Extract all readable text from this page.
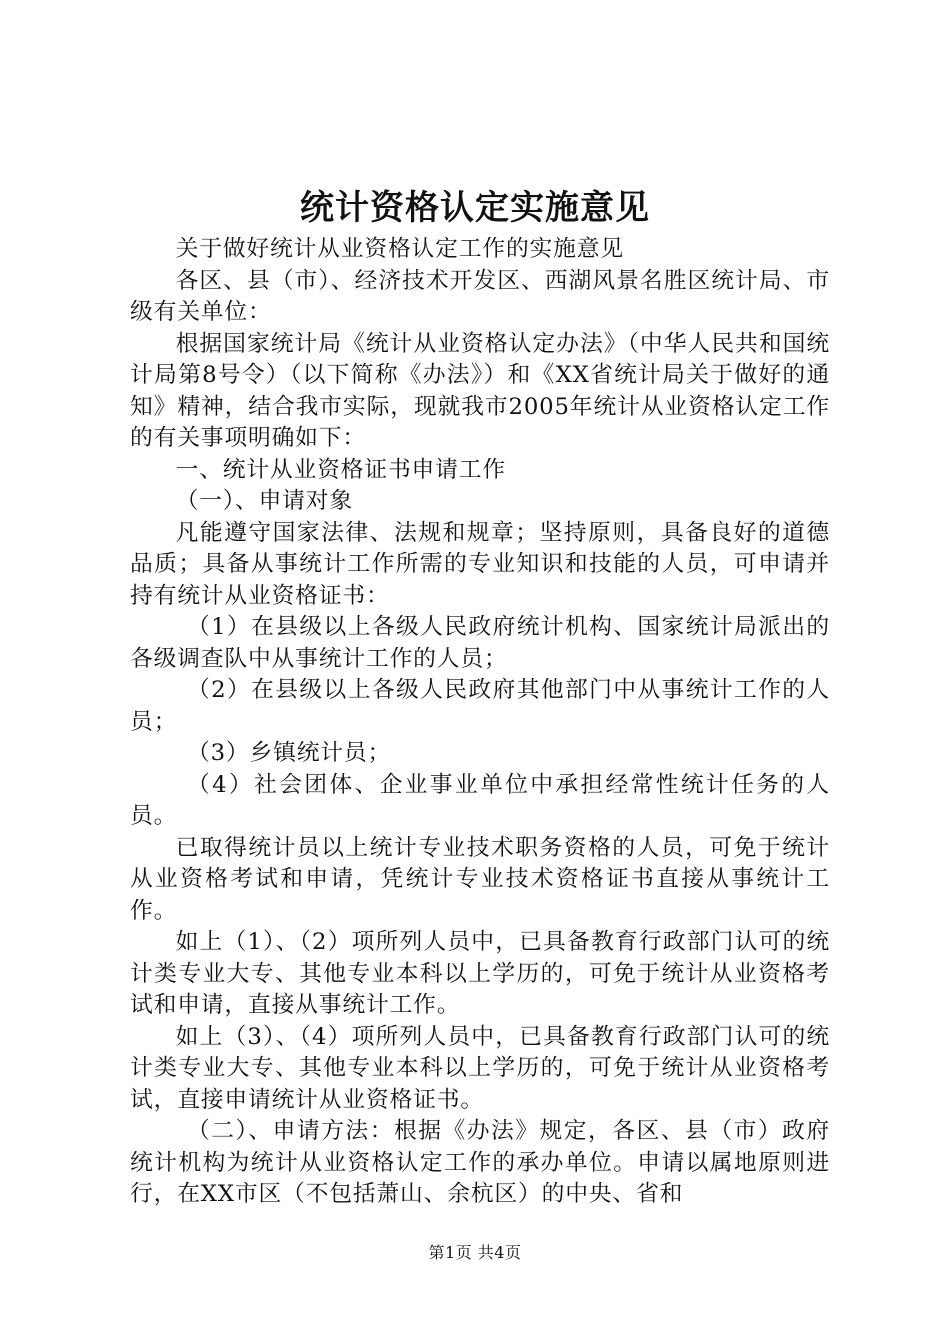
统计资格认定实施意见

关于做好统计从业资格认定工作的实施意见

各区、县（市）、经济技术开发区、西湖风景名胜区统计局、市级有关单位：

根据国家统计局《统计从业资格认定办法》（中华人民共和国统计局第8号令）（以下简称《办法》）和《XX省统计局关于做好的通知》精神，结合我市实际，现就我市2005年统计从业资格认定工作的有关事项明确如下：

一、统计从业资格证书申请工作

（一）、申请对象

凡能遵守国家法律、法规和规章；坚持原则，具备良好的道德品质；具备从事统计工作所需的专业知识和技能的人员，可申请并持有统计从业资格证书：

（1）在县级以上各级人民政府统计机构、国家统计局派出的各级调查队中从事统计工作的人员；

（2）在县级以上各级人民政府其他部门中从事统计工作的人员；

（3）乡镇统计员；

（4）社会团体、企业事业单位中承担经常性统计任务的人员。

已取得统计员以上统计专业技术职务资格的人员，可免于统计从业资格考试和申请，凭统计专业技术资格证书直接从事统计工作。

如上（1）、（2）项所列人员中，已具备教育行政部门认可的统计类专业大专、其他专业本科以上学历的，可免于统计从业资格考试和申请，直接从事统计工作。

如上（3）、（4）项所列人员中，已具备教育行政部门认可的统计类专业大专、其他专业本科以上学历的，可免于统计从业资格考试，直接申请统计从业资格证书。

（二）、申请方法：根据《办法》规定，各区、县（市）政府统计机构为统计从业资格认定工作的承办单位。申请以属地原则进行，在XX市区（不包括萧山、余杭区）的中央、省和

第1页 共4页
